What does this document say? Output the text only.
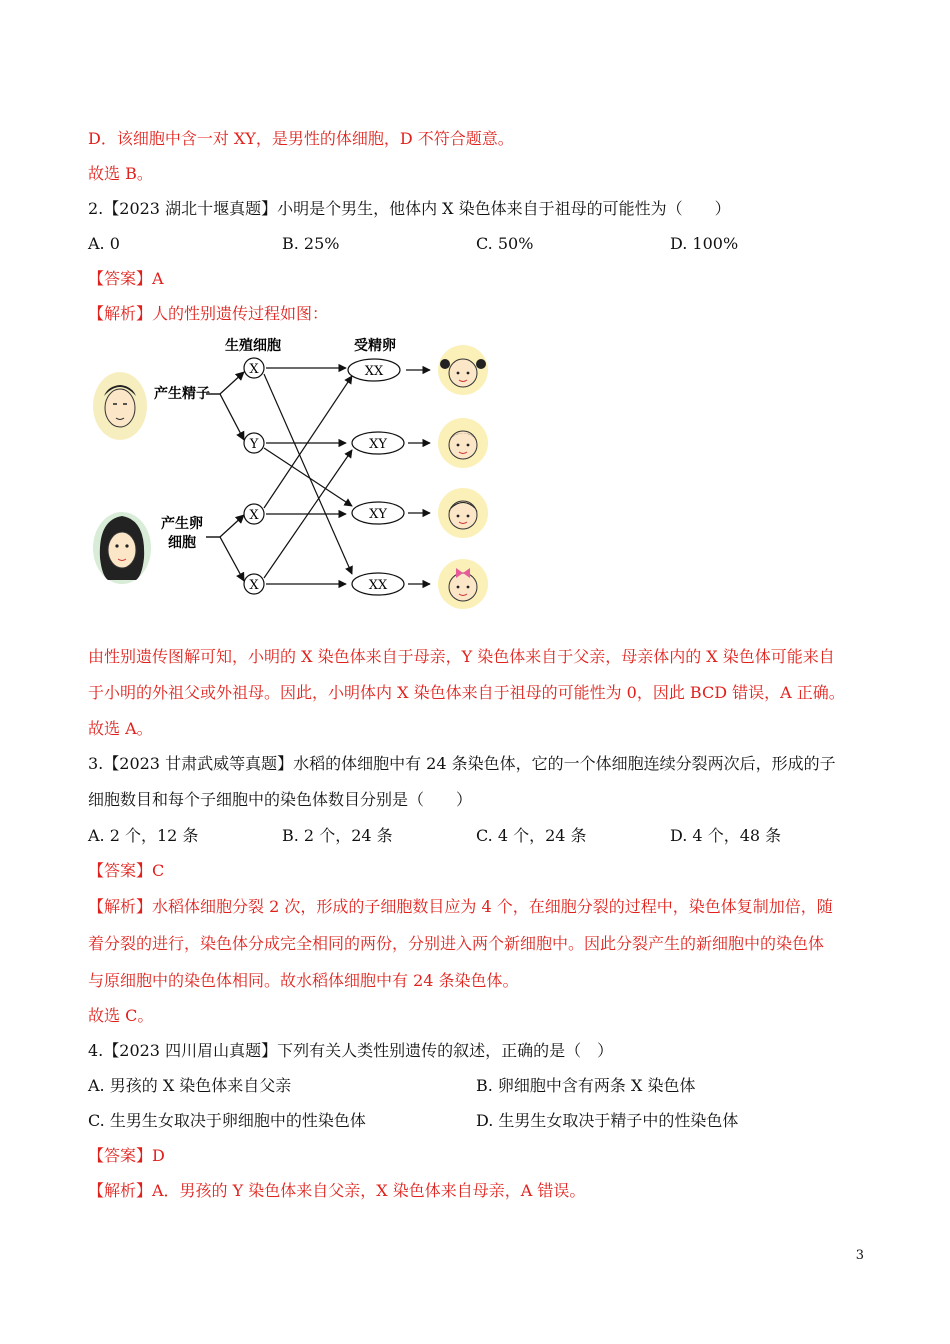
D．该细胞中含一对 XY，是男性的体细胞，D 不符合题意。
故选 B。
2.【2023 湖北十堰真题】小明是个男生，他体内 X 染色体来自于祖母的可能性为（　　）
A. 0	B. 25%	C. 50%	D. 100%
【答案】A
【解析】人的性别遗传过程如图：
生殖细胞	受精卵
产生精子
产生卵
细胞
X
Y
X
X
XX
XY
XY
XX
由性别遗传图解可知，小明的 X 染色体来自于母亲，Y 染色体来自于父亲，母亲体内的 X 染色体可能来自
于小明的外祖父或外祖母。因此，小明体内 X 染色体来自于祖母的可能性为 0，因此 BCD 错误，A 正确。
故选 A。
3.【2023 甘肃武威等真题】水稻的体细胞中有 24 条染色体，它的一个体细胞连续分裂两次后，形成的子
细胞数目和每个子细胞中的染色体数目分别是（　　）
A. 2 个，12 条	B. 2 个，24 条	C. 4 个，24 条	D. 4 个，48 条
【答案】C
【解析】水稻体细胞分裂 2 次，形成的子细胞数目应为 4 个，在细胞分裂的过程中，染色体复制加倍，随
着分裂的进行，染色体分成完全相同的两份，分别进入两个新细胞中。因此分裂产生的新细胞中的染色体
与原细胞中的染色体相同。故水稻体细胞中有 24 条染色体。
故选 C。
4.【2023 四川眉山真题】下列有关人类性别遗传的叙述，正确的是（　）
A. 男孩的 X 染色体来自父亲	B. 卵细胞中含有两条 X 染色体
C. 生男生女取决于卵细胞中的性染色体	D. 生男生女取决于精子中的性染色体
【答案】D
【解析】A．男孩的 Y 染色体来自父亲，X 染色体来自母亲，A 错误。
3
